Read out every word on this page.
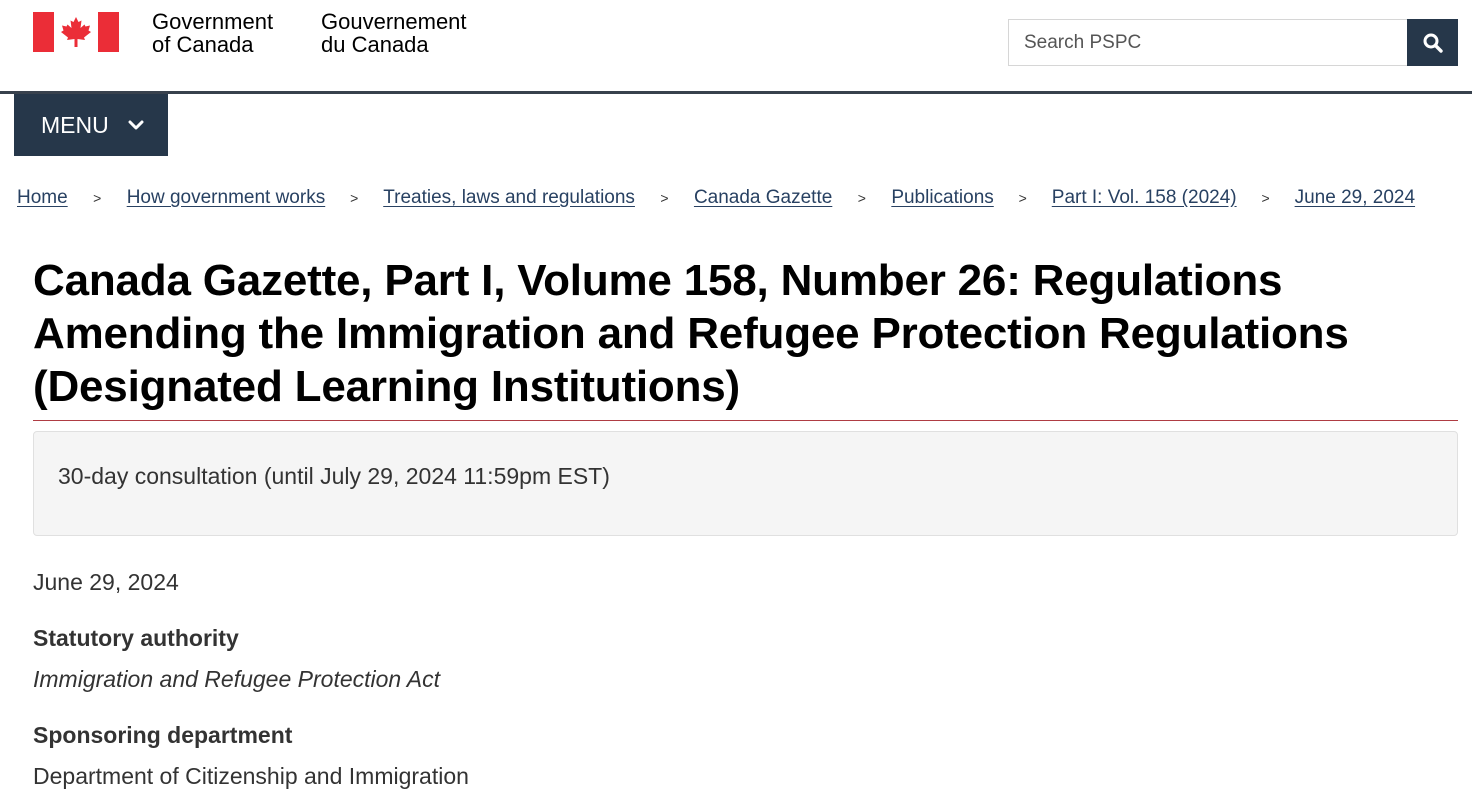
Government
of Canada
Gouvernement
du Canada
Search PSPC
MENU
Home	>	How government works	>	Treaties, laws and regulations	>	Canada Gazette	>	Publications	>	Part I: Vol. 158 (2024)	>	June 29, 2024
Canada Gazette, Part I, Volume 158, Number 26: Regulations
Amending the Immigration and Refugee Protection Regulations
(Designated Learning Institutions)
30-day consultation (until July 29, 2024 11:59pm EST)
June 29, 2024
Statutory authority
Immigration and Refugee Protection Act
Sponsoring department
Department of Citizenship and Immigration
